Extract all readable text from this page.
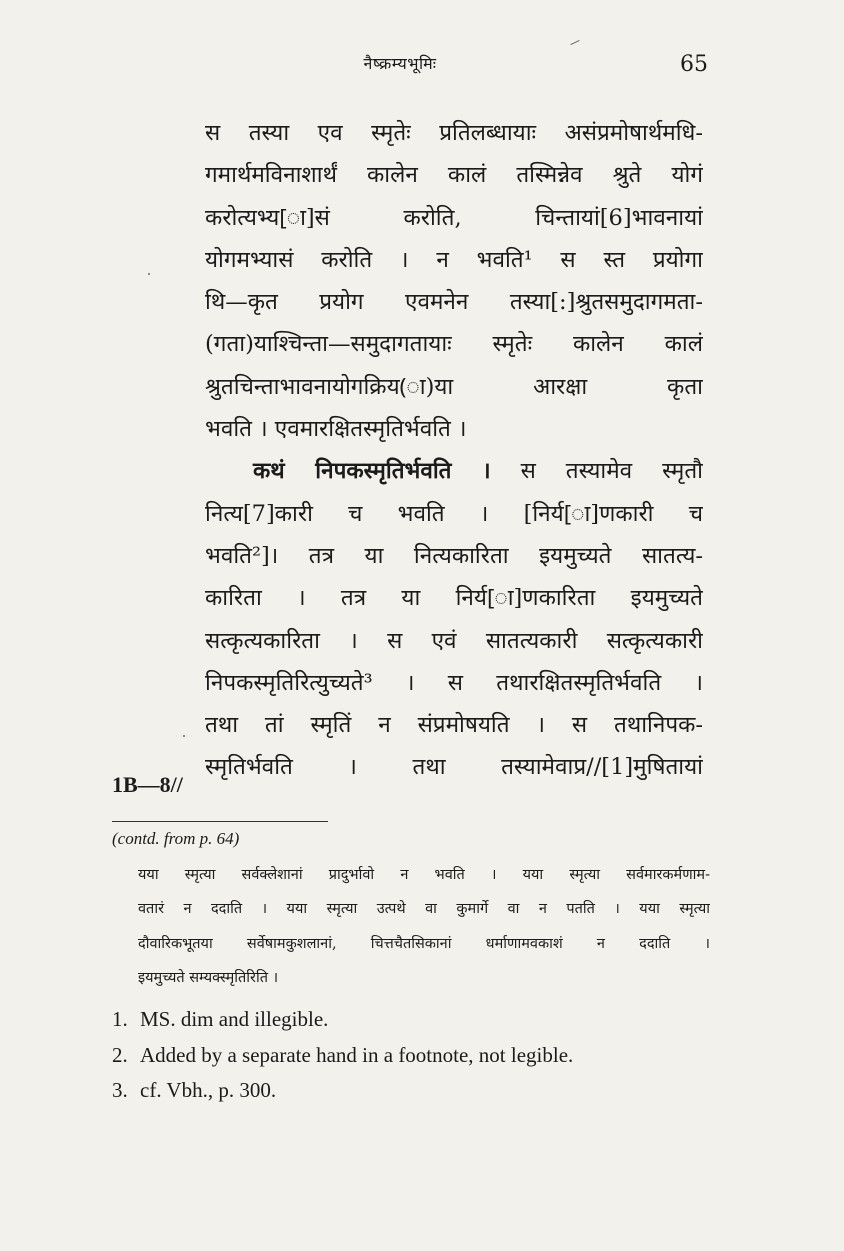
नैष्क्रम्यभूमिः	65
स तस्या एव स्मृतेः प्रतिलब्धायाः असंप्रमोषार्थमधि-
गमार्थमविनाशार्थं कालेन कालं तस्मिन्नेव श्रुते योगं
करोत्यभ्य[ा]सं करोति, चिन्तायां[6]भावनायां
योगमभ्यासं करोति । न भवति¹ स स्त प्रयोगा
थि—कृत प्रयोग एवमनेन तस्या[:]श्रुतसमुदागमता-
(गता)याश्चिन्ता—समुदागतायाः स्मृतेः कालेन कालं
श्रुतचिन्ताभावनायोगक्रिय(ा)या आरक्षा कृता
भवति । एवमारक्षितस्मृतिर्भवति ।
कथं निपकस्मृतिर्भवति । स तस्यामेव स्मृतौ
नित्य[7]कारी च भवति । [निर्य[ा]णकारी च
भवति²]। तत्र या नित्यकारिता इयमुच्यते सातत्य-
कारिता । तत्र या निर्य[ा]णकारिता इयमुच्यते
सत्कृत्यकारिता । स एवं सातत्यकारी सत्कृत्यकारी
निपकस्मृतिरित्युच्यते³ । स तथारक्षितस्मृतिर्भवति ।
तथा तां स्मृतिं न संप्रमोषयति । स तथानिपक-
स्मृतिर्भवति । तथा तस्यामेवाप्र//[1]मुषितायां
1B—8//
(contd. from p. 64)
यया स्मृत्या सर्वक्लेशानां प्रादुर्भावो न भवति । यया स्मृत्या सर्वमारकर्मणाम-
वतारं न ददाति । यया स्मृत्या उत्पथे वा कुमार्गे वा न पतति । यया स्मृत्या
दौवारिकभूतया सर्वेषामकुशलानां, चित्तचैतसिकानां धर्माणामवकाशं न ददाति ।
इयमुच्यते सम्यक्स्मृतिरिति ।
1. MS. dim and illegible.
2. Added by a separate hand in a footnote, not legible.
3. cf. Vbh., p. 300.
